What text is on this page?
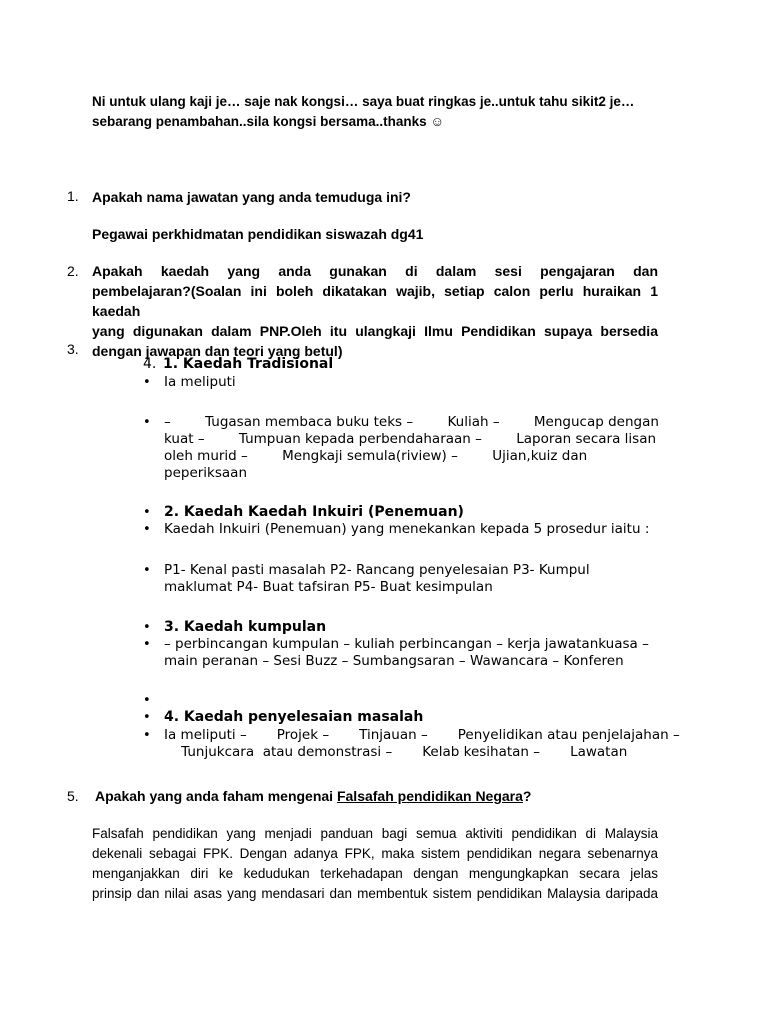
Ni untuk ulang kaji je… saje nak kongsi… saya buat ringkas je..untuk tahu sikit2 je…
sebarang penambahan..sila kongsi bersama..thanks ☺
1. Apakah nama jawatan yang anda temuduga ini?
Pegawai perkhidmatan pendidikan siswazah dg41
2. Apakah kaedah yang anda gunakan di dalam sesi pengajaran dan
pembelajaran?(Soalan ini boleh dikatakan wajib, setiap calon perlu huraikan 1 kaedah
yang digunakan dalam PNP.Oleh itu ulangkaji Ilmu Pendidikan supaya bersedia
dengan jawapan dan teori yang betul)
3.
4. 1. Kaedah Tradisional
• Ia meliputi
• –        Tugasan membaca buku teks –        Kuliah –        Mengucap dengan
kuat –        Tumpuan kepada perbendaharaan –        Laporan secara lisan
oleh murid –        Mengkaji semula(riview) –        Ujian,kuiz dan
peperiksaan
• 2. Kaedah Kaedah Inkuiri (Penemuan)
• Kaedah Inkuiri (Penemuan) yang menekankan kepada 5 prosedur iaitu :
• P1- Kenal pasti masalah P2- Rancang penyelesaian P3- Kumpul
maklumat P4- Buat tafsiran P5- Buat kesimpulan
• 3. Kaedah kumpulan
• – perbincangan kumpulan – kuliah perbincangan – kerja jawatankuasa –
main peranan – Sesi Buzz – Sumbangsaran – Wawancara – Konferen
•
• 4. Kaedah penyelesaian masalah
• Ia meliputi –       Projek –       Tinjauan –       Penyelidikan atau penjelajahan –
Tunjukcara  atau demonstrasi –       Kelab kesihatan –       Lawatan
5. Apakah yang anda faham mengenai Falsafah pendidikan Negara?
Falsafah pendidikan yang menjadi panduan bagi semua aktiviti pendidikan di Malaysia
dekenali sebagai FPK. Dengan adanya FPK, maka sistem pendidikan negara sebenarnya
menganjakkan diri ke kedudukan terkehadapan dengan mengungkapkan secara jelas
prinsip dan nilai asas yang mendasari dan membentuk sistem pendidikan Malaysia daripada
